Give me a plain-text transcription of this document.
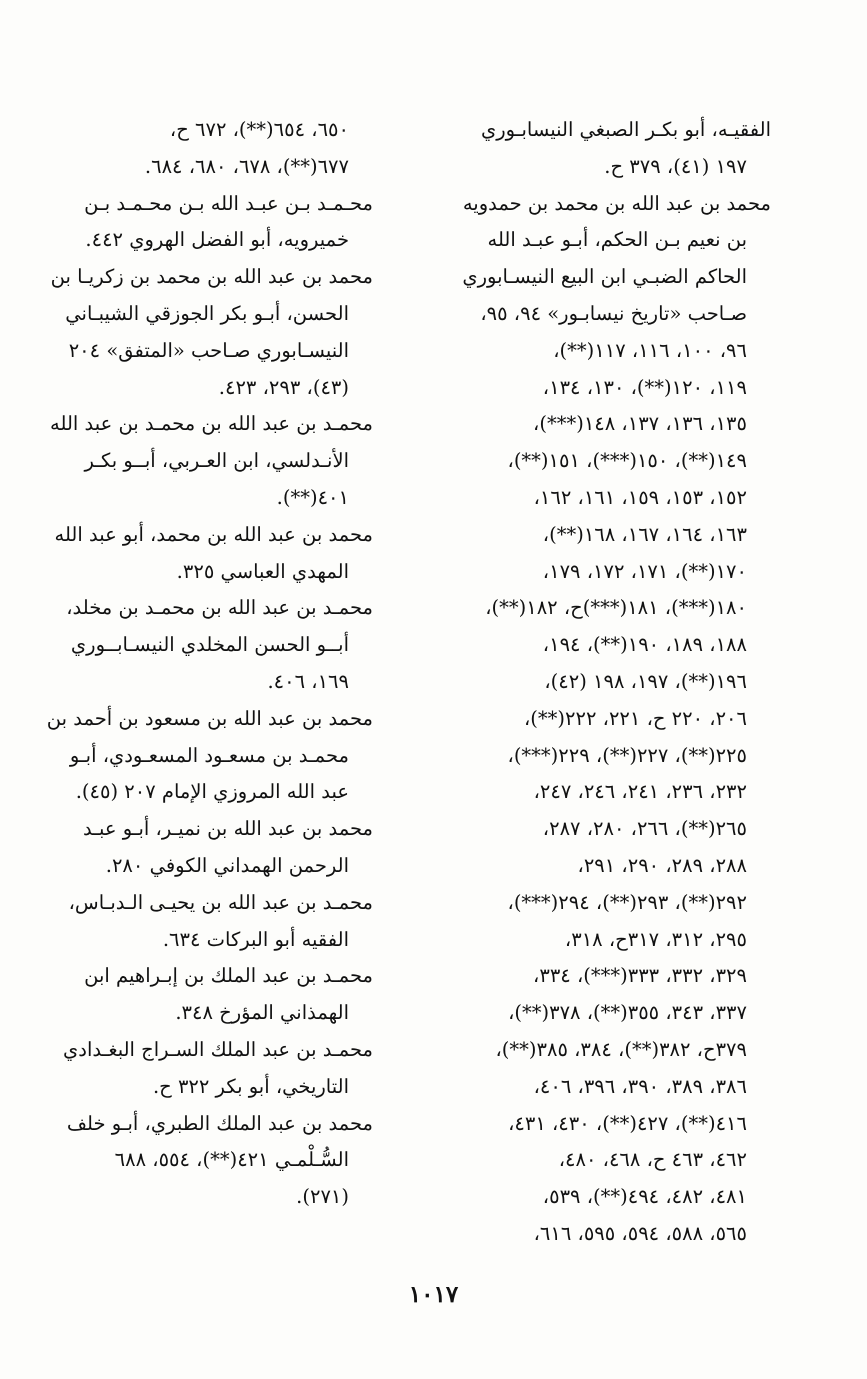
الفقيـه، أبو بكـر الصبغي النيسابـوري
١٩٧ (٤١)، ٣٧٩ ح.
محمد بن عبد الله بن محمد بن حمدويه
بن نعيم بـن الحكم، أبـو عبـد الله
الحاكم الضبـي ابن البيع النيسـابوري
صـاحب «تاريخ نيسابـور» ٩٤، ٩٥،
٩٦، ١٠٠، ١١٦، ١١٧(**)،
١١٩، ١٢٠(**)، ١٣٠، ١٣٤،
١٣٥، ١٣٦، ١٣٧، ١٤٨(***)،
١٤٩(**)، ١٥٠(***)، ١٥١(**)،
١٥٢، ١٥٣، ١٥٩، ١٦١، ١٦٢،
١٦٣، ١٦٤، ١٦٧، ١٦٨(**)،
١٧٠(**)، ١٧١، ١٧٢، ١٧٩،
١٨٠(***)، ١٨١(***)ح، ١٨٢(**)،
١٨٨، ١٨٩، ١٩٠(**)، ١٩٤،
١٩٦(**)، ١٩٧، ١٩٨ (٤٢)،
٢٠٦، ٢٢٠ ح، ٢٢١، ٢٢٢(**)،
٢٢٥(**)، ٢٢٧(**)، ٢٢٩(***)،
٢٣٢، ٢٣٦، ٢٤١، ٢٤٦، ٢٤٧،
٢٦٥(**)، ٢٦٦، ٢٨٠، ٢٨٧،
٢٨٨، ٢٨٩، ٢٩٠، ٢٩١،
٢٩٢(**)، ٢٩٣(**)، ٢٩٤(***)،
٢٩٥، ٣١٢، ٣١٧ح، ٣١٨،
٣٢٩، ٣٣٢، ٣٣٣(***)، ٣٣٤،
٣٣٧، ٣٤٣، ٣٥٥(**)، ٣٧٨(**)،
٣٧٩ح، ٣٨٢(**)، ٣٨٤، ٣٨٥(**)،
٣٨٦، ٣٨٩، ٣٩٠، ٣٩٦، ٤٠٦،
٤١٦(**)، ٤٢٧(**)، ٤٣٠، ٤٣١،
٤٦٢، ٤٦٣ ح، ٤٦٨، ٤٨٠،
٤٨١، ٤٨٢، ٤٩٤(**)، ٥٣٩،
٥٦٥، ٥٨٨، ٥٩٤، ٥٩٥، ٦١٦،
٦٥٠، ٦٥٤(**)، ٦٧٢ ح،
٦٧٧(**)، ٦٧٨، ٦٨٠، ٦٨٤.
محـمـد بـن عبـد الله بـن محـمـد بـن
خميرويه، أبو الفضل الهروي ٤٤٢.
محمد بن عبد الله بن محمد بن زكريـا بن
الحسن، أبـو بكر الجوزقي الشيبـاني
النيسـابوري صـاحب «المتفق» ٢٠٤
(٤٣)، ٢٩٣، ٤٢٣.
محمـد بن عبد الله بن محمـد بن عبد الله
الأنـدلسي، ابن العـربي، أبــو بكـر
٤٠١(**).
محمد بن عبد الله بن محمد، أبو عبد الله
المهدي العباسي ٣٢٥.
محمـد بن عبد الله بن محمـد بن مخلد،
أبــو الحسن المخلدي النيسـابــوري
١٦٩، ٤٠٦.
محمد بن عبد الله بن مسعود بن أحمد بن
محمـد بن مسعـود المسعـودي، أبـو
عبد الله المروزي الإمام ٢٠٧ (٤٥).
محمد بن عبد الله بن نميـر، أبـو عبـد
الرحمن الهمداني الكوفي ٢٨٠.
محمـد بن عبد الله بن يحيـى الـدبـاس،
الفقيه أبو البركات ٦٣٤.
محمـد بن عبد الملك بن إبـراهيم ابن
الهمذاني المؤرخ ٣٤٨.
محمـد بن عبد الملك السـراج البغـدادي
التاريخي، أبو بكر ٣٢٢ ح.
محمد بن عبد الملك الطبري، أبـو خلف
السُّـلْمـي ٤٢١(**)، ٥٥٤، ٦٨٨
(٢٧١).
١٠١٧
